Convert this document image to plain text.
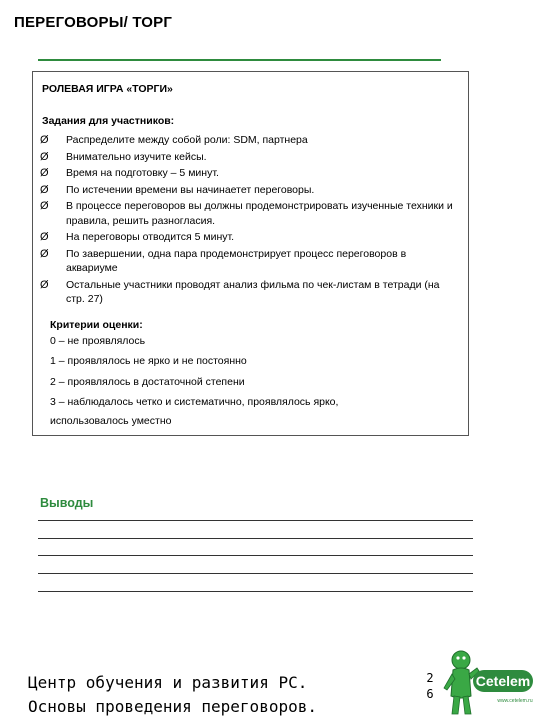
ПЕРЕГОВОРЫ/ ТОРГ
РОЛЕВАЯ ИГРА «ТОРГИ»
Задания для участников:
Ø	Распределите между собой роли: SDM, партнера
Ø	Внимательно изучите кейсы.
Ø	Время на подготовку – 5 минут.
Ø	По истечении времени вы начинаетет переговоры.
Ø	В процессе переговоров вы должны продемонстрировать изученные техники и правила, решить разногласия.
Ø	На переговоры отводится 5 минут.
Ø	По завершении, одна пара продемонстрирует процесс переговоров в аквариуме
Ø	Остальные участники проводят анализ фильма по чек-листам в тетради (на стр. 27)
Критерии оценки:
0 – не проявлялось
1 – проявлялось не ярко и не постоянно
2 – проявлялось в достаточной степени
3 – наблюдалось четко и систематично, проявлялось ярко,
использовалось уместно
Выводы
Центр обучения и развития РС.
Основы проведения переговоров.
2
6
Cetelem
www.cetelem.ru
